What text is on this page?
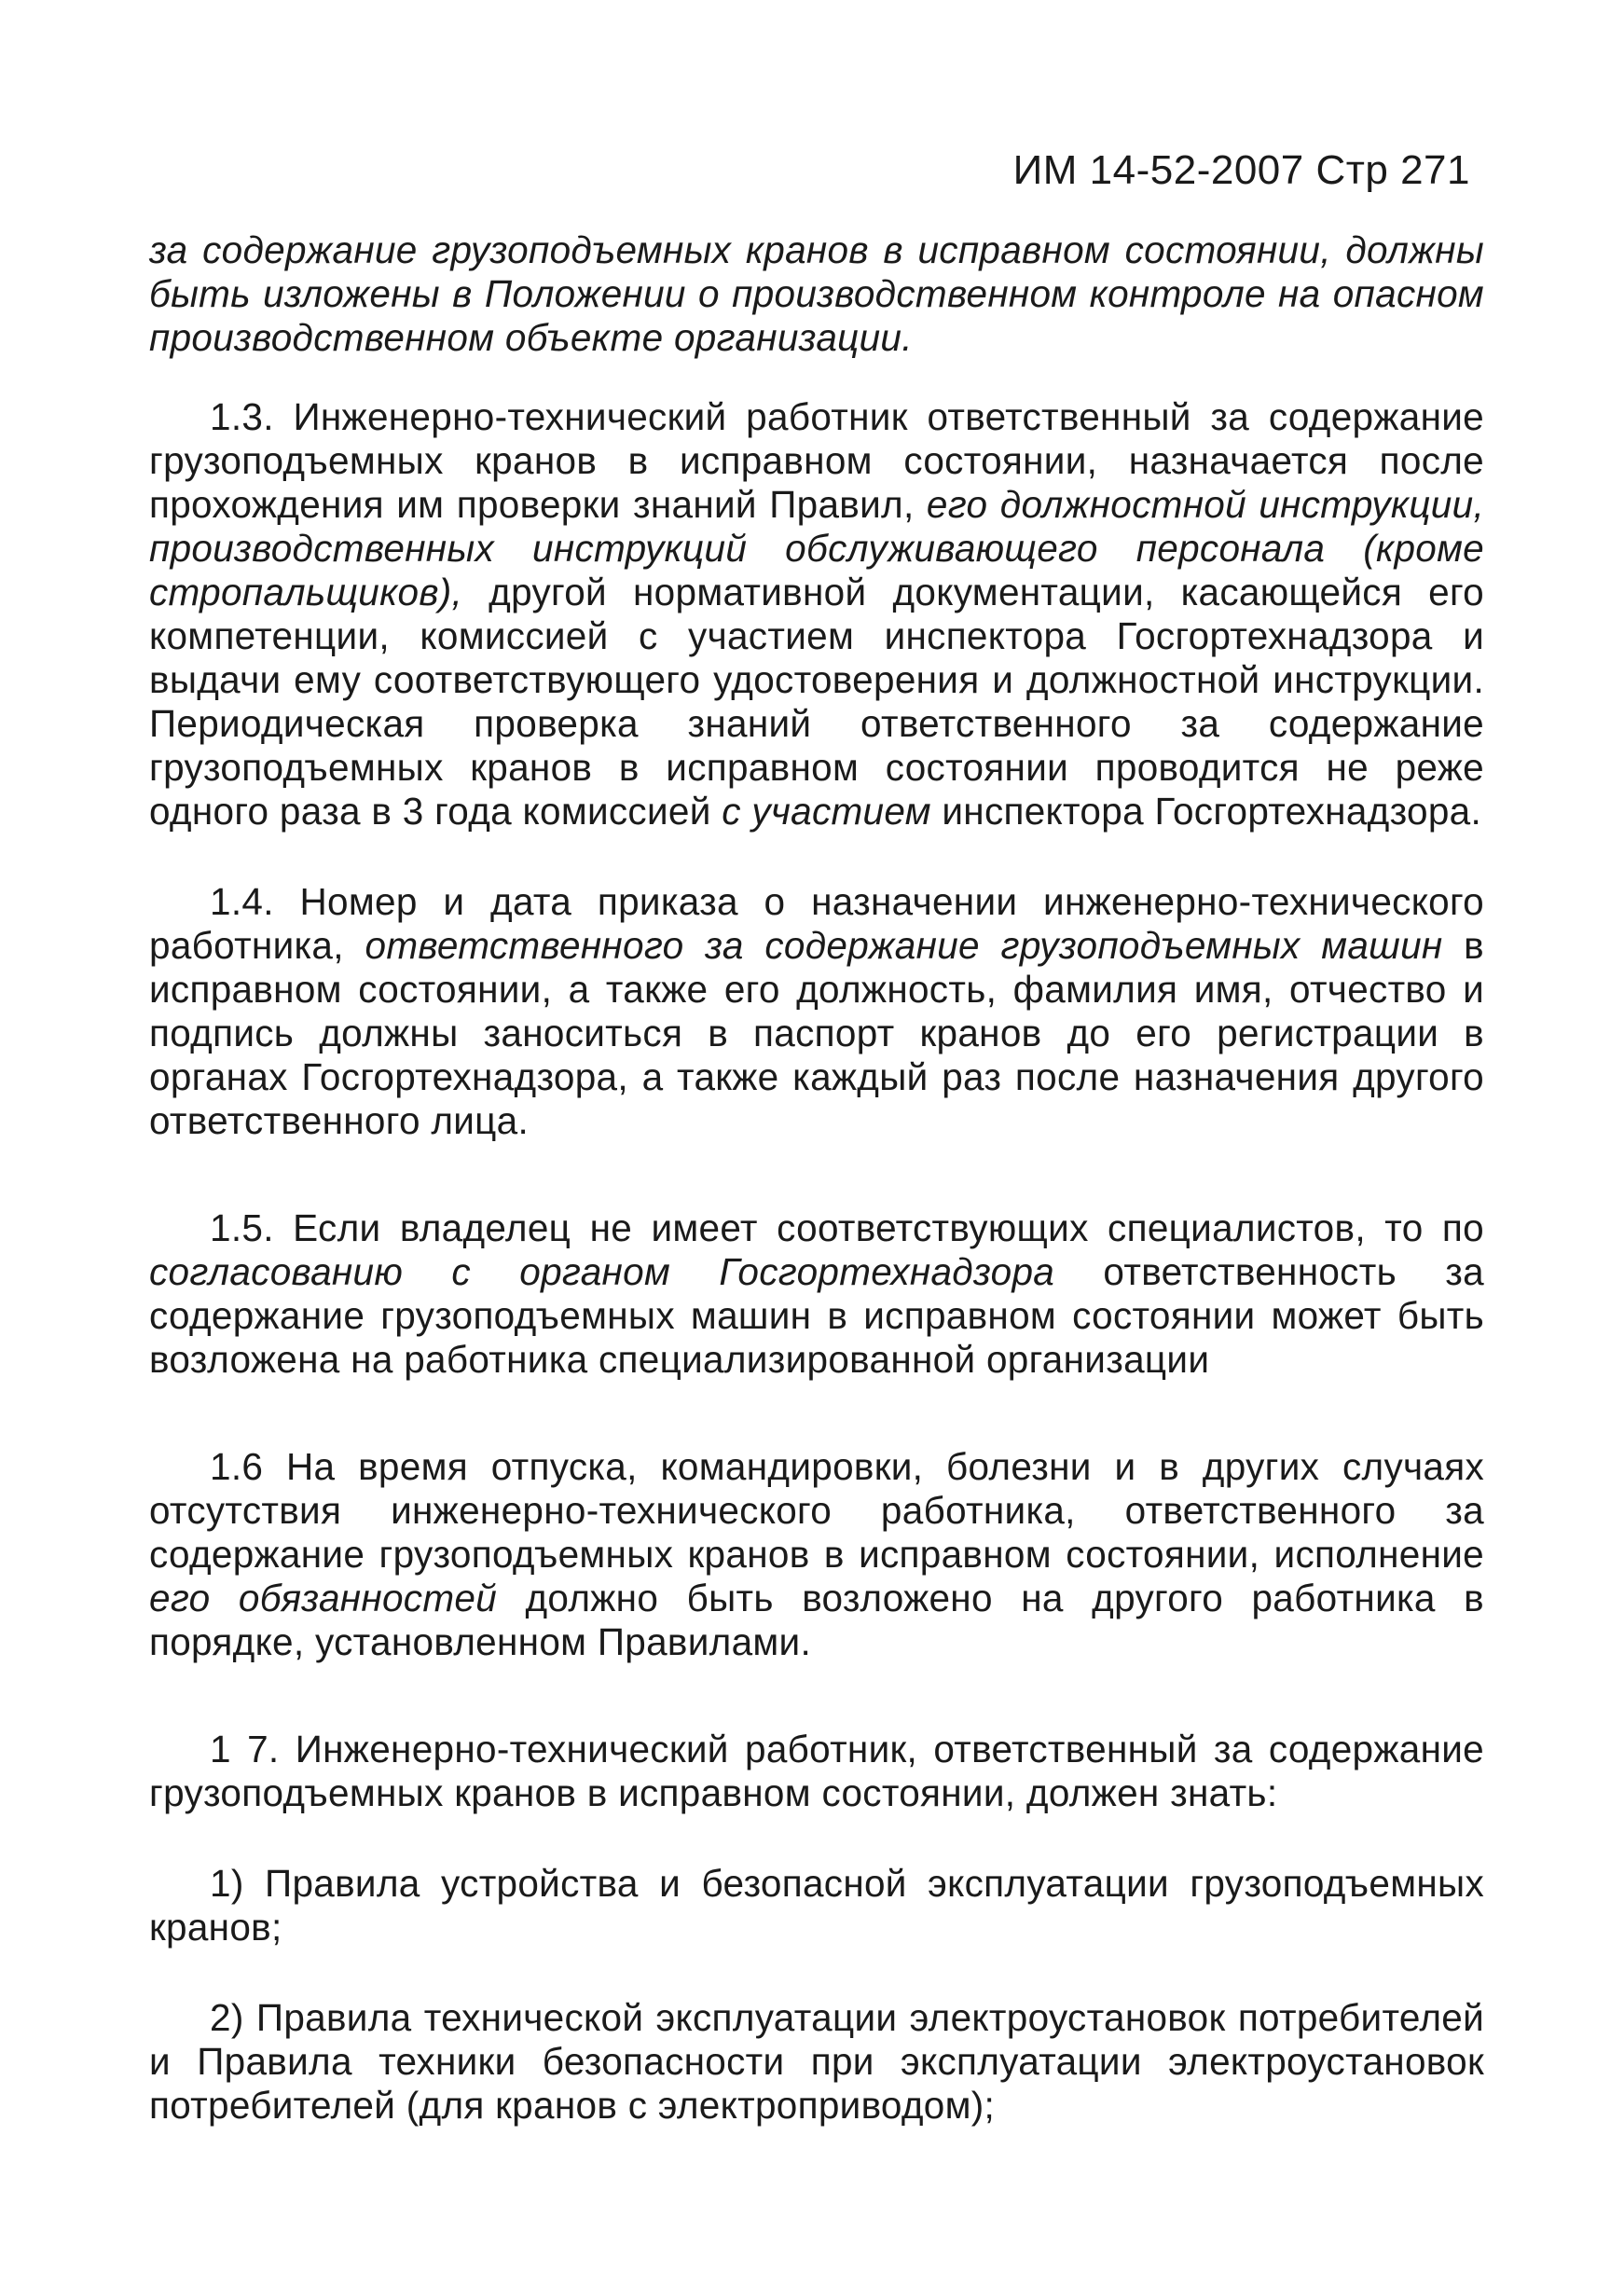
ИМ 14-52-2007 Стр 271

за содержание грузоподъемных кранов в исправном состоянии, должны быть изложены в Положении о производственном контроле на опасном производственном объекте организации.

1.3. Инженерно-технический работник ответственный за содержание грузоподъемных кранов в исправном состоянии, назначается после прохождения им проверки знаний Правил, его должностной инструкции, производственных инструкций обслуживающего персонала (кроме стропальщиков), другой нормативной документации, касающейся его компетенции, комиссией с участием инспектора Госгортехнадзора и выдачи ему соответствующего удостоверения и должностной инструкции. Периодическая проверка знаний ответственного за содержание грузоподъемных кранов в исправном состоянии проводится не реже одного раза в 3 года комиссией с участием инспектора Госгортехнадзора.

1.4. Номер и дата приказа о назначении инженерно-технического работника, ответственного за содержание грузоподъемных машин в исправном состоянии, а также его должность, фамилия имя, отчество и подпись должны заноситься в паспорт кранов до его регистрации в органах Госгортехнадзора, а также каждый раз после назначения другого ответственного лица.

1.5. Если владелец не имеет соответствующих специалистов, то по согласованию с органом Госгортехнадзора ответственность за содержание грузоподъемных машин в исправном состоянии может быть возложена на работника специализированной организации

1.6 На время отпуска, командировки, болезни и в других случаях отсутствия инженерно-технического работника, ответственного за содержание грузоподъемных кранов в исправном состоянии, исполнение его обязанностей должно быть возложено на другого работника в порядке, установленном Правилами.

1 7. Инженерно-технический работник, ответственный за содержание грузоподъемных кранов в исправном состоянии, должен знать:

1) Правила устройства и безопасной эксплуатации грузоподъемных кранов;

2) Правила технической эксплуатации электроустановок потребителей и Правила техники безопасности при эксплуатации электроустановок потребителей (для кранов с электроприводом);
